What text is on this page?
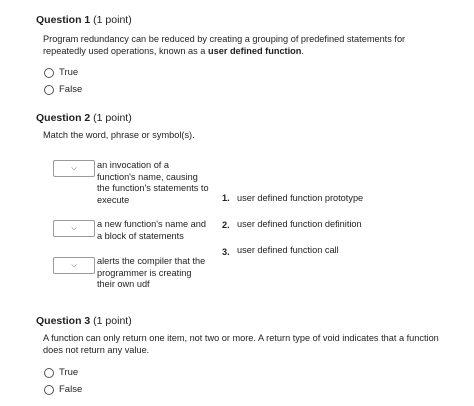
Question 1 (1 point)
Program redundancy can be reduced by creating a grouping of predefined statements for repeatedly used operations, known as a user defined function.
True
False
Question 2 (1 point)
Match the word, phrase or symbol(s).
⌵ an invocation of a function's name, causing the function's statements to execute
⌵ a new function's name and a block of statements
⌵ alerts the compiler that the programmer is creating their own udf
1. user defined function prototype
2. user defined function definition
3. user defined function call
Question 3 (1 point)
A function can only return one item, not two or more. A return type of void indicates that a function does not return any value.
True
False
